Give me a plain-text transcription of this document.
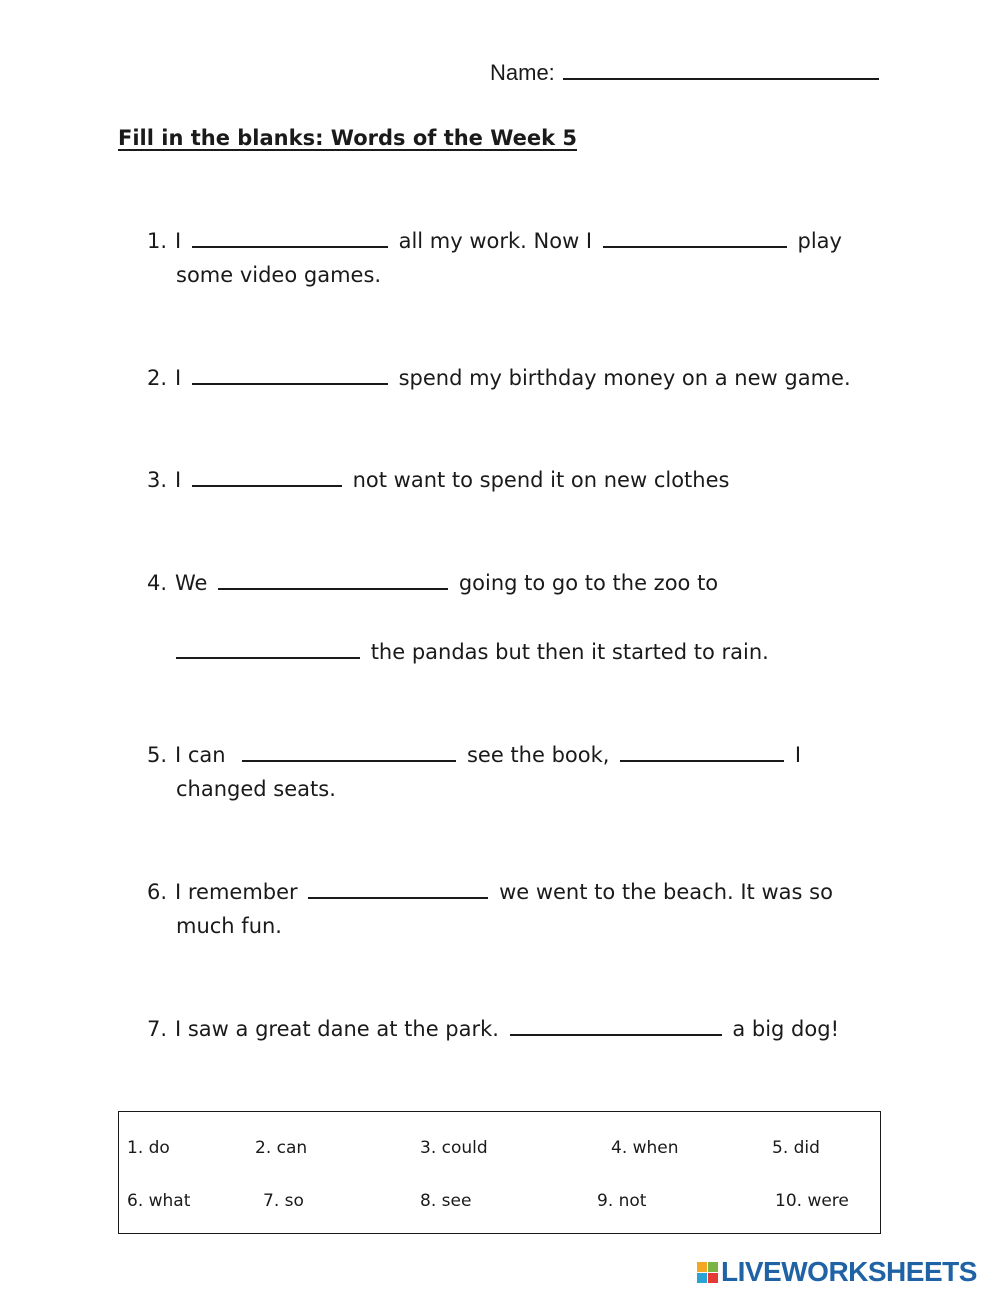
Name:
Fill in the blanks: Words of the Week 5
1. I	all my work. Now I	play
some video games.
2. I	spend my birthday money on a new game.
3. I	not want to spend it on new clothes
4. We	going to go to the zoo to
the pandas but then it started to rain.
5. I can	see the book,	I
changed seats.
6. I remember	we went to the beach. It was so
much fun.
7. I saw a great dane at the park.	a big dog!
1. do	2. can	3. could	4. when	5. did
6. what	7. so	8. see	9. not	10. were
LIVEWORKSHEETS
